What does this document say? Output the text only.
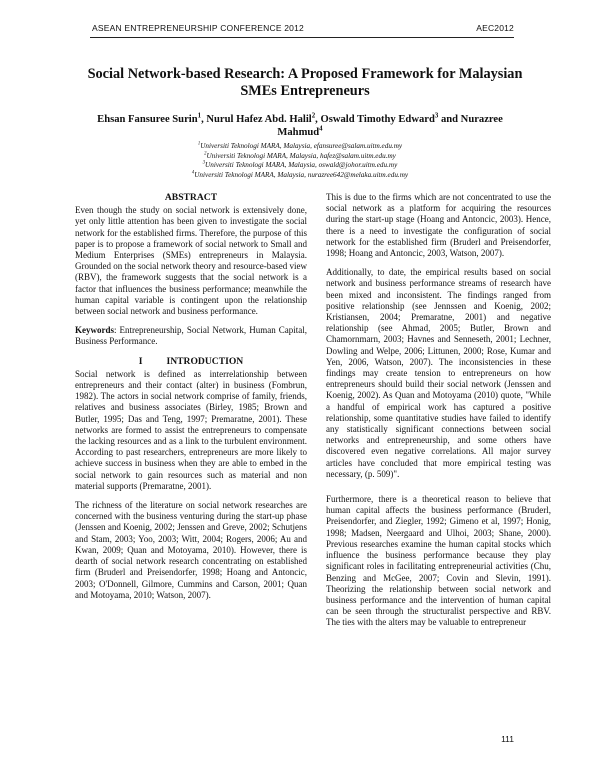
ASEAN ENTREPRENEURSHIP CONFERENCE 2012	AEC2012
Social Network-based Research: A Proposed Framework for Malaysian
SMEs Entrepreneurs
Ehsan Fansuree Surin$^1$, Nurul Hafez Abd. Halil$^2$, Oswald Timothy Edward$^3$ and Nurazree
Mahmud$^4$
$^1$Universiti Teknologi MARA, Malaysia, efansuree@salam.uitm.edu.my
$^2$Universiti Teknologi MARA, Malaysia, hafez@salam.uitm.edu.my
$^3$Universiti Teknologi MARA, Malaysia, oswald@johor.uitm.edu.my
$^4$Universiti Teknologi MARA, Malaysia, nurazree642@melaka.uitm.edu.my
ABSTRACT

Even though the study on social network is extensively done, yet only little attention has been given to investigate the social network for the established firms. Therefore, the purpose of this paper is to propose a framework of social network to Small and Medium Enterprises (SMEs) entrepreneurs in Malaysia. Grounded on the social network theory and resource-based view (RBV), the framework suggests that the social network is a factor that influences the business performance; meanwhile the human capital variable is contingent upon the relationship between social network and business performance.

Keywords: Entrepreneurship, Social Network, Human Capital, Business Performance.

I          INTRODUCTION

Social network is defined as interrelationship between entrepreneurs and their contact (alter) in business (Fombrun, 1982). The actors in social network comprise of family, friends, relatives and business associates (Birley, 1985; Brown and Butler, 1995; Das and Teng, 1997; Premaratne, 2001). These networks are formed to assist the entrepreneurs to compensate the lacking resources and as a link to the turbulent environment. According to past researchers, entrepreneurs are more likely to achieve success in business when they are able to embed in the social network to gain resources such as material and non material supports (Premaratne, 2001).

The richness of the literature on social network researches are concerned with the business venturing during the start-up phase (Jenssen and Koenig, 2002; Jenssen and Greve, 2002; Schutjens and Stam, 2003; Yoo, 2003; Witt, 2004; Rogers, 2006; Au and Kwan, 2009; Quan and Motoyama, 2010). However, there is dearth of social network research concentrating on established firm (Bruderl and Preisendorfer, 1998; Hoang and Antoncic, 2003; O'Donnell, Gilmore, Cummins and Carson, 2001; Quan and Motoyama, 2010; Watson, 2007).

This is due to the firms which are not concentrated to use the social network as a platform for acquiring the resources during the start-up stage (Hoang and Antoncic, 2003). Hence, there is a need to investigate the configuration of social network for the established firm (Bruderl and Preisendorfer, 1998; Hoang and Antoncic, 2003, Watson, 2007).

Additionally, to date, the empirical results based on social network and business performance streams of research have been mixed and inconsistent. The findings ranged from positive relationship (see Jennssen and Koenig, 2002; Kristiansen, 2004; Premaratne, 2001) and negative relationship (see Ahmad, 2005; Butler, Brown and Chamornmarn, 2003; Havnes and Senneseth, 2001; Lechner, Dowling and Welpe, 2006; Littunen, 2000; Rose, Kumar and Yen, 2006, Watson, 2007). The inconsistencies in these findings may create tension to entrepreneurs on how entrepreneurs should build their social network (Jenssen and Koenig, 2002). As Quan and Motoyama (2010) quote, "While a handful of empirical work has captured a positive relationship, some quantitative studies have failed to identify any statistically significant connections between social networks and entrepreneurship, and some others have discovered even negative correlations. All major survey articles have concluded that more empirical testing was necessary, (p. 509)".

Furthermore, there is a theoretical reason to believe that human capital affects the business performance (Bruderl, Preisendorfer, and Ziegler, 1992; Gimeno et al, 1997; Honig, 1998; Madsen, Neergaard and Ulhoi, 2003; Shane, 2000). Previous researches examine the human capital stocks which influence the business performance because they play significant roles in facilitating entrepreneurial activities (Chu, Benzing and McGee, 2007; Covin and Slevin, 1991). Theorizing the relationship between social network and business performance and the intervention of human capital can be seen through the structuralist perspective and RBV. The ties with the alters may be valuable to entrepreneur

111
